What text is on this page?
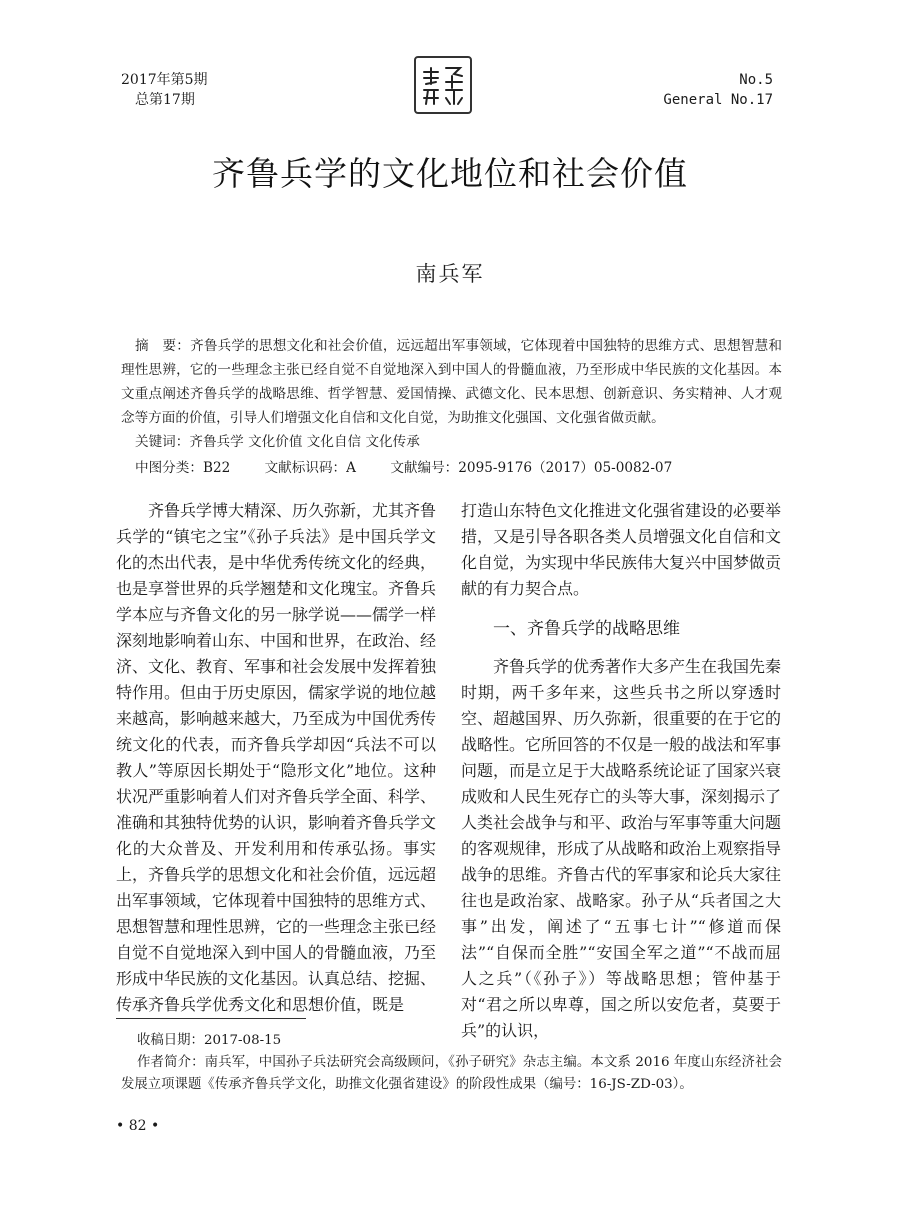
2017年第5期
总第17期
No.5
General No.17
齐鲁兵学的文化地位和社会价值
南兵军

摘　要：齐鲁兵学的思想文化和社会价值，远远超出军事领域，它体现着中国独特的思维方式、思想智慧和理性思辨，它的一些理念主张已经自觉不自觉地深入到中国人的骨髓血液，乃至形成中华民族的文化基因。本文重点阐述齐鲁兵学的战略思维、哲学智慧、爱国情操、武德文化、民本思想、创新意识、务实精神、人才观念等方面的价值，引导人们增强文化自信和文化自觉，为助推文化强国、文化强省做贡献。

关键词：齐鲁兵学 文化价值 文化自信 文化传承
中图分类：B22	文献标识码：A	文献编号：2095-9176（2017）05-0082-07

齐鲁兵学博大精深、历久弥新，尤其齐鲁兵学的“镇宅之宝”《孙子兵法》是中国兵学文化的杰出代表，是中华优秀传统文化的经典，也是享誉世界的兵学翘楚和文化瑰宝。齐鲁兵学本应与齐鲁文化的另一脉学说——儒学一样深刻地影响着山东、中国和世界，在政治、经济、文化、教育、军事和社会发展中发挥着独特作用。但由于历史原因，儒家学说的地位越来越高，影响越来越大，乃至成为中国优秀传统文化的代表，而齐鲁兵学却因“兵法不可以教人”等原因长期处于“隐形文化”地位。这种状况严重影响着人们对齐鲁兵学全面、科学、准确和其独特优势的认识，影响着齐鲁兵学文化的大众普及、开发利用和传承弘扬。事实上，齐鲁兵学的思想文化和社会价值，远远超出军事领域，它体现着中国独特的思维方式、思想智慧和理性思辨，它的一些理念主张已经自觉不自觉地深入到中国人的骨髓血液，乃至形成中华民族的文化基因。认真总结、挖掘、传承齐鲁兵学优秀文化和思想价值，既是

打造山东特色文化推进文化强省建设的必要举措，又是引导各职各类人员增强文化自信和文化自觉，为实现中华民族伟大复兴中国梦做贡献的有力契合点。

一、齐鲁兵学的战略思维

齐鲁兵学的优秀著作大多产生在我国先秦时期，两千多年来，这些兵书之所以穿透时空、超越国界、历久弥新，很重要的在于它的战略性。它所回答的不仅是一般的战法和军事问题，而是立足于大战略系统论证了国家兴衰成败和人民生死存亡的头等大事，深刻揭示了人类社会战争与和平、政治与军事等重大问题的客观规律，形成了从战略和政治上观察指导战争的思维。齐鲁古代的军事家和论兵大家往往也是政治家、战略家。孙子从“兵者国之大事”出发，阐述了“五事七计”“修道而保法”“自保而全胜”“安国全军之道”“不战而屈人之兵”（《孙子》）等战略思想；管仲基于对“君之所以卑尊，国之所以安危者，莫要于兵”的认识，

收稿日期：2017-08-15

作者简介：南兵军，中国孙子兵法研究会高级顾问，《孙子研究》杂志主编。本文系 2016 年度山东经济社会发展立项课题《传承齐鲁兵学文化，助推文化强省建设》的阶段性成果（编号：16-JS-ZD-03）。

• 82 •
